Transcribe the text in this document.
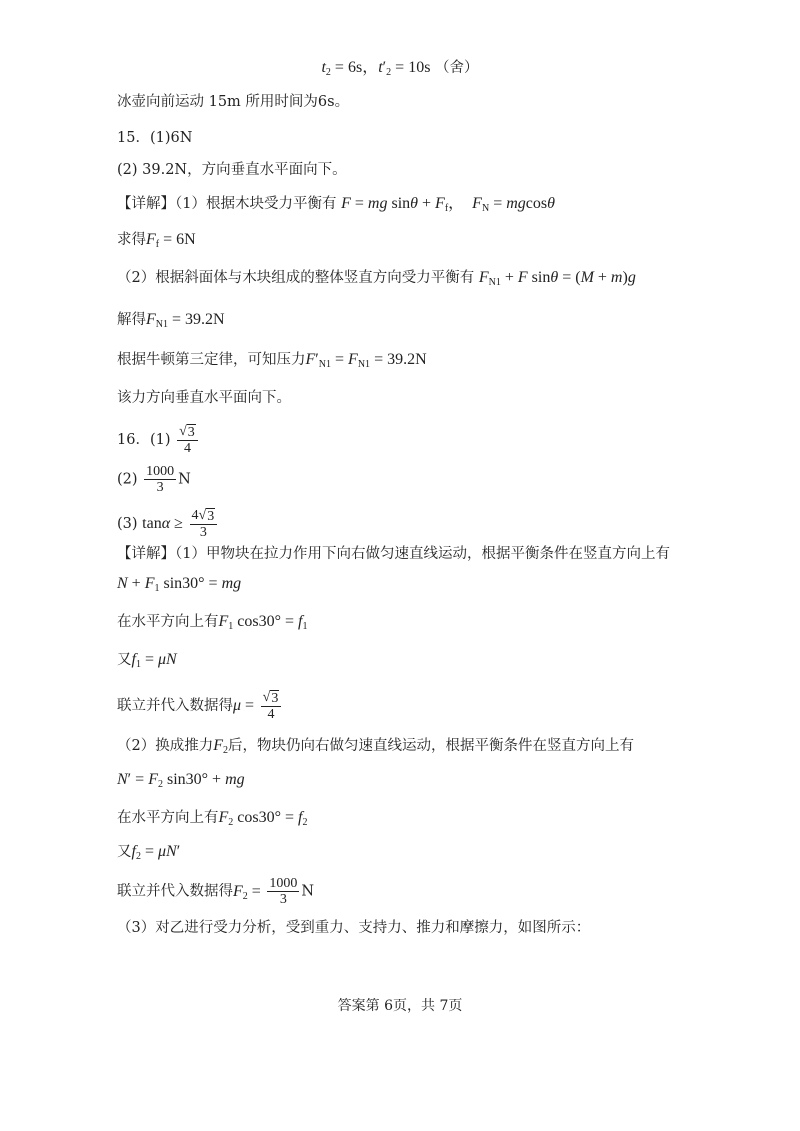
$t_2 = 6s$，$t'_2 = 10s$ （舍）
冰壶向前运动 15m 所用时间为6s。
15．(1)6N
(2) 39.2N，方向垂直水平面向下。
【详解】（1）根据木块受力平衡有 F = mg $\sin\theta + F_f$，  $F_N = mgcos\theta$
求得$F_f = 6N$
（2）根据斜面体与木块组成的整体竖直方向受力平衡有 $F_{N1} + F$ sinθ = (M + m)g
解得$F_{N1} = 39.2N$
根据牛顿第三定律，可知压力$F'_{N1} = F_{N1} = 39.2N$
该力方向垂直水平面向下。
16．$(1) \frac{√ 3}{4}$
$(2) \frac{1000}{3}$ N
(3) $\tan\alpha \ge \frac{4√ 3}{3}$
【详解】（1）甲物块在拉力作用下向右做匀速直线运动，根据平衡条件在竖直方向上有
$N + F_1$ sin30° = mg
在水平方向上有$F_1$ $\cos 30^\circ = f_1$
又$f_1 = \mu N$
联立并代入数据得$\mu = \frac{√ 3}{4}$
（2）换成推力$F_2$后，物块仍向右做匀速直线运动，根据平衡条件在竖直方向上有
$N' = F_2$ sin30° + mg
在水平方向上有$F_2$ $\cos 30^\circ = f_2$
又$f_2 = \mu N'$
联立并代入数据得$F_2 = \frac{1000}{3}$ N
（3）对乙进行受力分析，受到重力、支持力、推力和摩擦力，如图所示：
答案第 6页，共 7页
